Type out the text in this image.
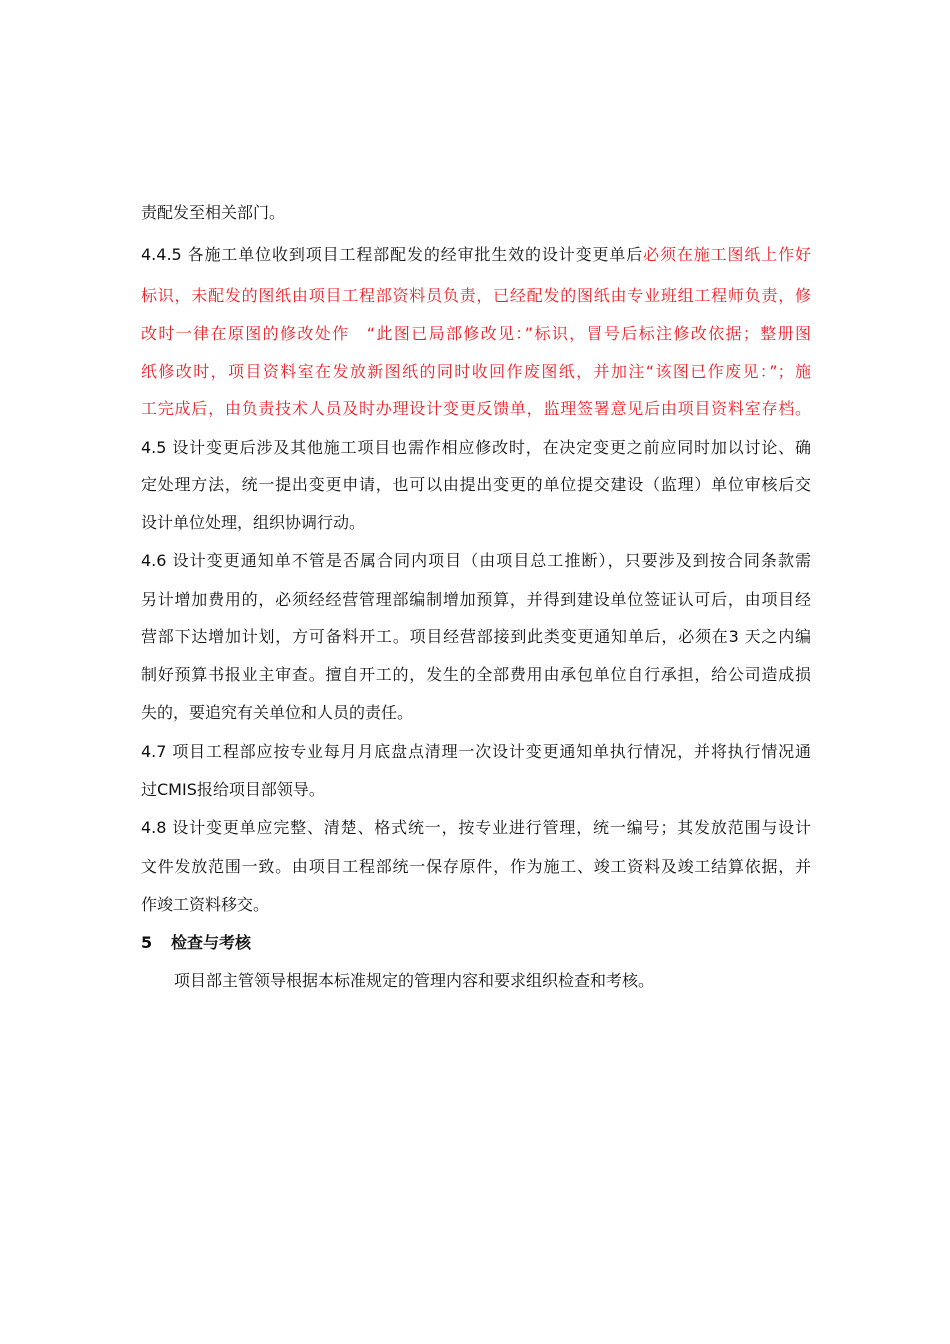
责配发至相关部门。
4.4.5 各施工单位收到项目工程部配发的经审批生效的设计变更单后必须在施工图纸上作好
标识，未配发的图纸由项目工程部资料员负责，已经配发的图纸由专业班组工程师负责，修
改时一律在原图的修改处作　“此图已局部修改见：”标识，冒号后标注修改依据；整册图
纸修改时，项目资料室在发放新图纸的同时收回作废图纸，并加注“该图已作废见：”；施
工完成后，由负责技术人员及时办理设计变更反馈单，监理签署意见后由项目资料室存档。
4.5 设计变更后涉及其他施工项目也需作相应修改时，在决定变更之前应同时加以讨论、确
定处理方法，统一提出变更申请，也可以由提出变更的单位提交建设（监理）单位审核后交
设计单位处理，组织协调行动。
4.6 设计变更通知单不管是否属合同内项目（由项目总工推断），只要涉及到按合同条款需
另计增加费用的，必须经经营管理部编制增加预算，并得到建设单位签证认可后，由项目经
营部下达增加计划，方可备料开工。项目经营部接到此类变更通知单后，必须在3 天之内编
制好预算书报业主审查。擅自开工的，发生的全部费用由承包单位自行承担，给公司造成损
失的，要追究有关单位和人员的责任。
4.7 项目工程部应按专业每月月底盘点清理一次设计变更通知单执行情况，并将执行情况通
过CMIS报给项目部领导。
4.8 设计变更单应完整、清楚、格式统一，按专业进行管理，统一编号；其发放范围与设计
文件发放范围一致。由项目工程部统一保存原件，作为施工、竣工资料及竣工结算依据，并
作竣工资料移交。
5 检查与考核
项目部主管领导根据本标准规定的管理内容和要求组织检查和考核。
